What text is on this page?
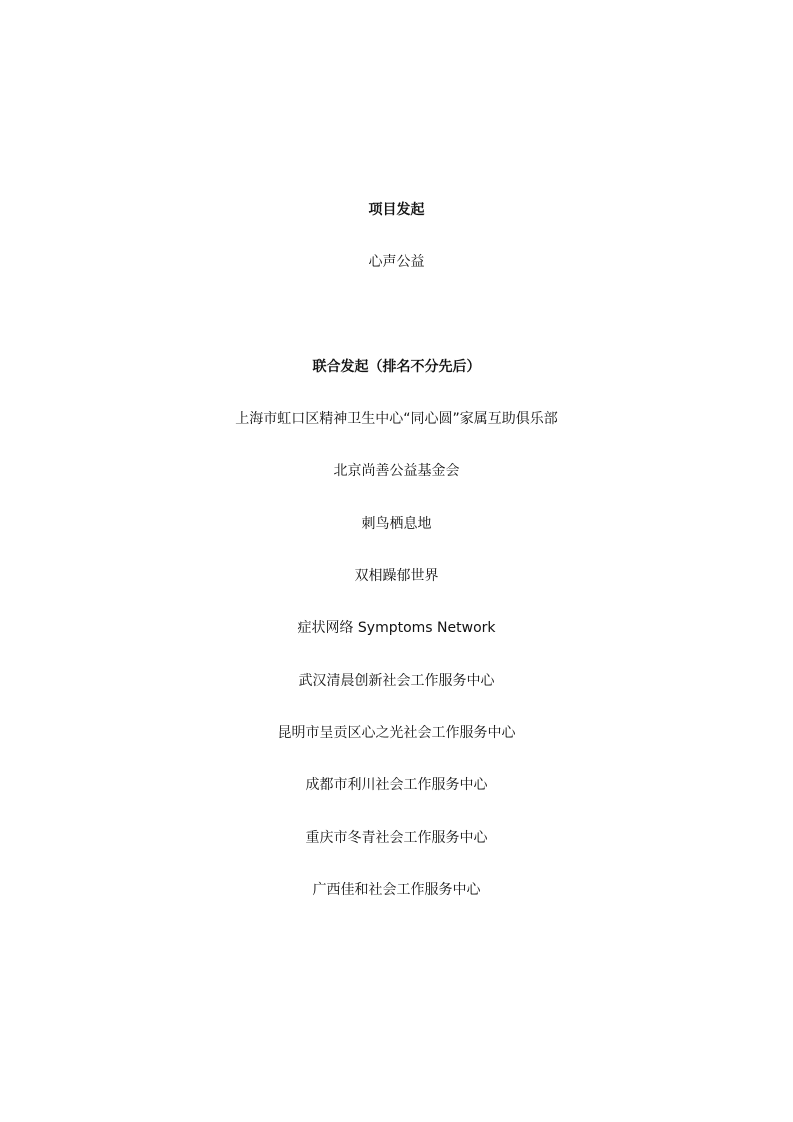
项目发起
心声公益
联合发起（排名不分先后）
上海市虹口区精神卫生中心“同心圆”家属互助俱乐部
北京尚善公益基金会
刺鸟栖息地
双相躁郁世界
症状网络 Symptoms Network
武汉清晨创新社会工作服务中心
昆明市呈贡区心之光社会工作服务中心
成都市利川社会工作服务中心
重庆市冬青社会工作服务中心
广西佳和社会工作服务中心
